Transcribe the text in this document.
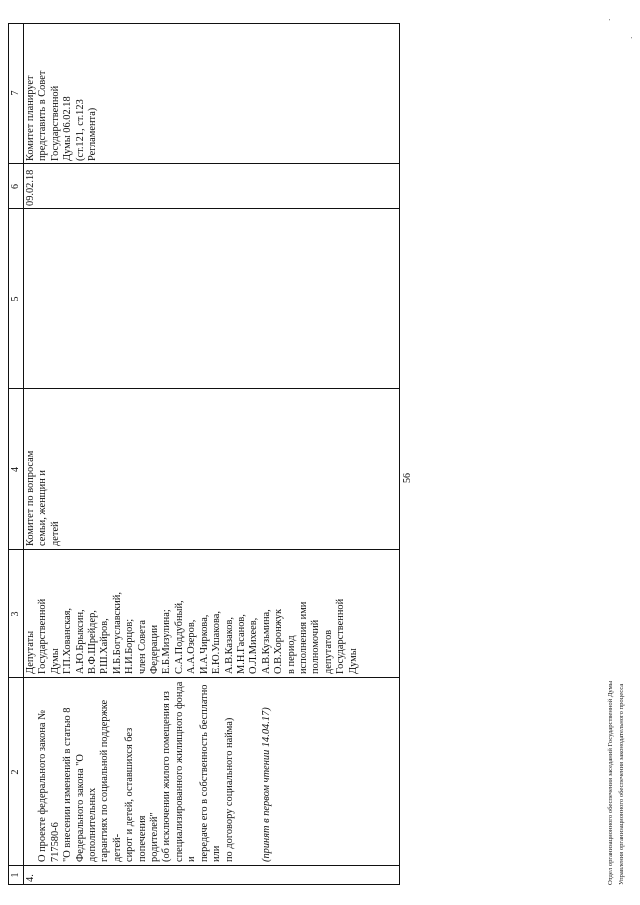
1
2
3
4
5
6
7
4.

О проекте федерального закона № 717580-6
"О внесении изменений в статью 8
Федерального закона "О дополнительных
гарантиях по социальной поддержке детей-
сирот и детей, оставшихся без попечения
родителей"
(об исключении жилого помещения из
специализированного жилищного фонда и
передаче его в собственность бесплатно или
по договору социального найма)	(принят в первом чтении 14.04.17)

Депутаты
Государственной
Думы
Г.П.Хованская,
А.Ю.Брыксин,
В.Ф.Шрейдер,
Р.Ш.Хайров,
И.Б.Богуславский,
Н.И.Борцов;
член Совета
Федерации
Е.Б.Мизулина;
С.А.Поддубный,
А.А.Озеров,
И.А.Чиркова,
Е.Ю.Ушакова,
А.В.Казаков,
М.Н.Гасанов,
О.Л.Михеев,
А.В.Кузьмина,
О.В.Хоронжук
в период
исполнения ими
полномочий
депутатов
Государственной
Думы
Комитет по вопросам
семьи, женщин и
детей
09.02.18
Комитет планирует
представить в Совет
Государственной
Думы 06.02.18
(ст.121, ст.123
Регламента)
56
Отдел организационного обеспечения заседаний Государственной Думы Управления организационного обеспечения законодательного процесса
·
·
